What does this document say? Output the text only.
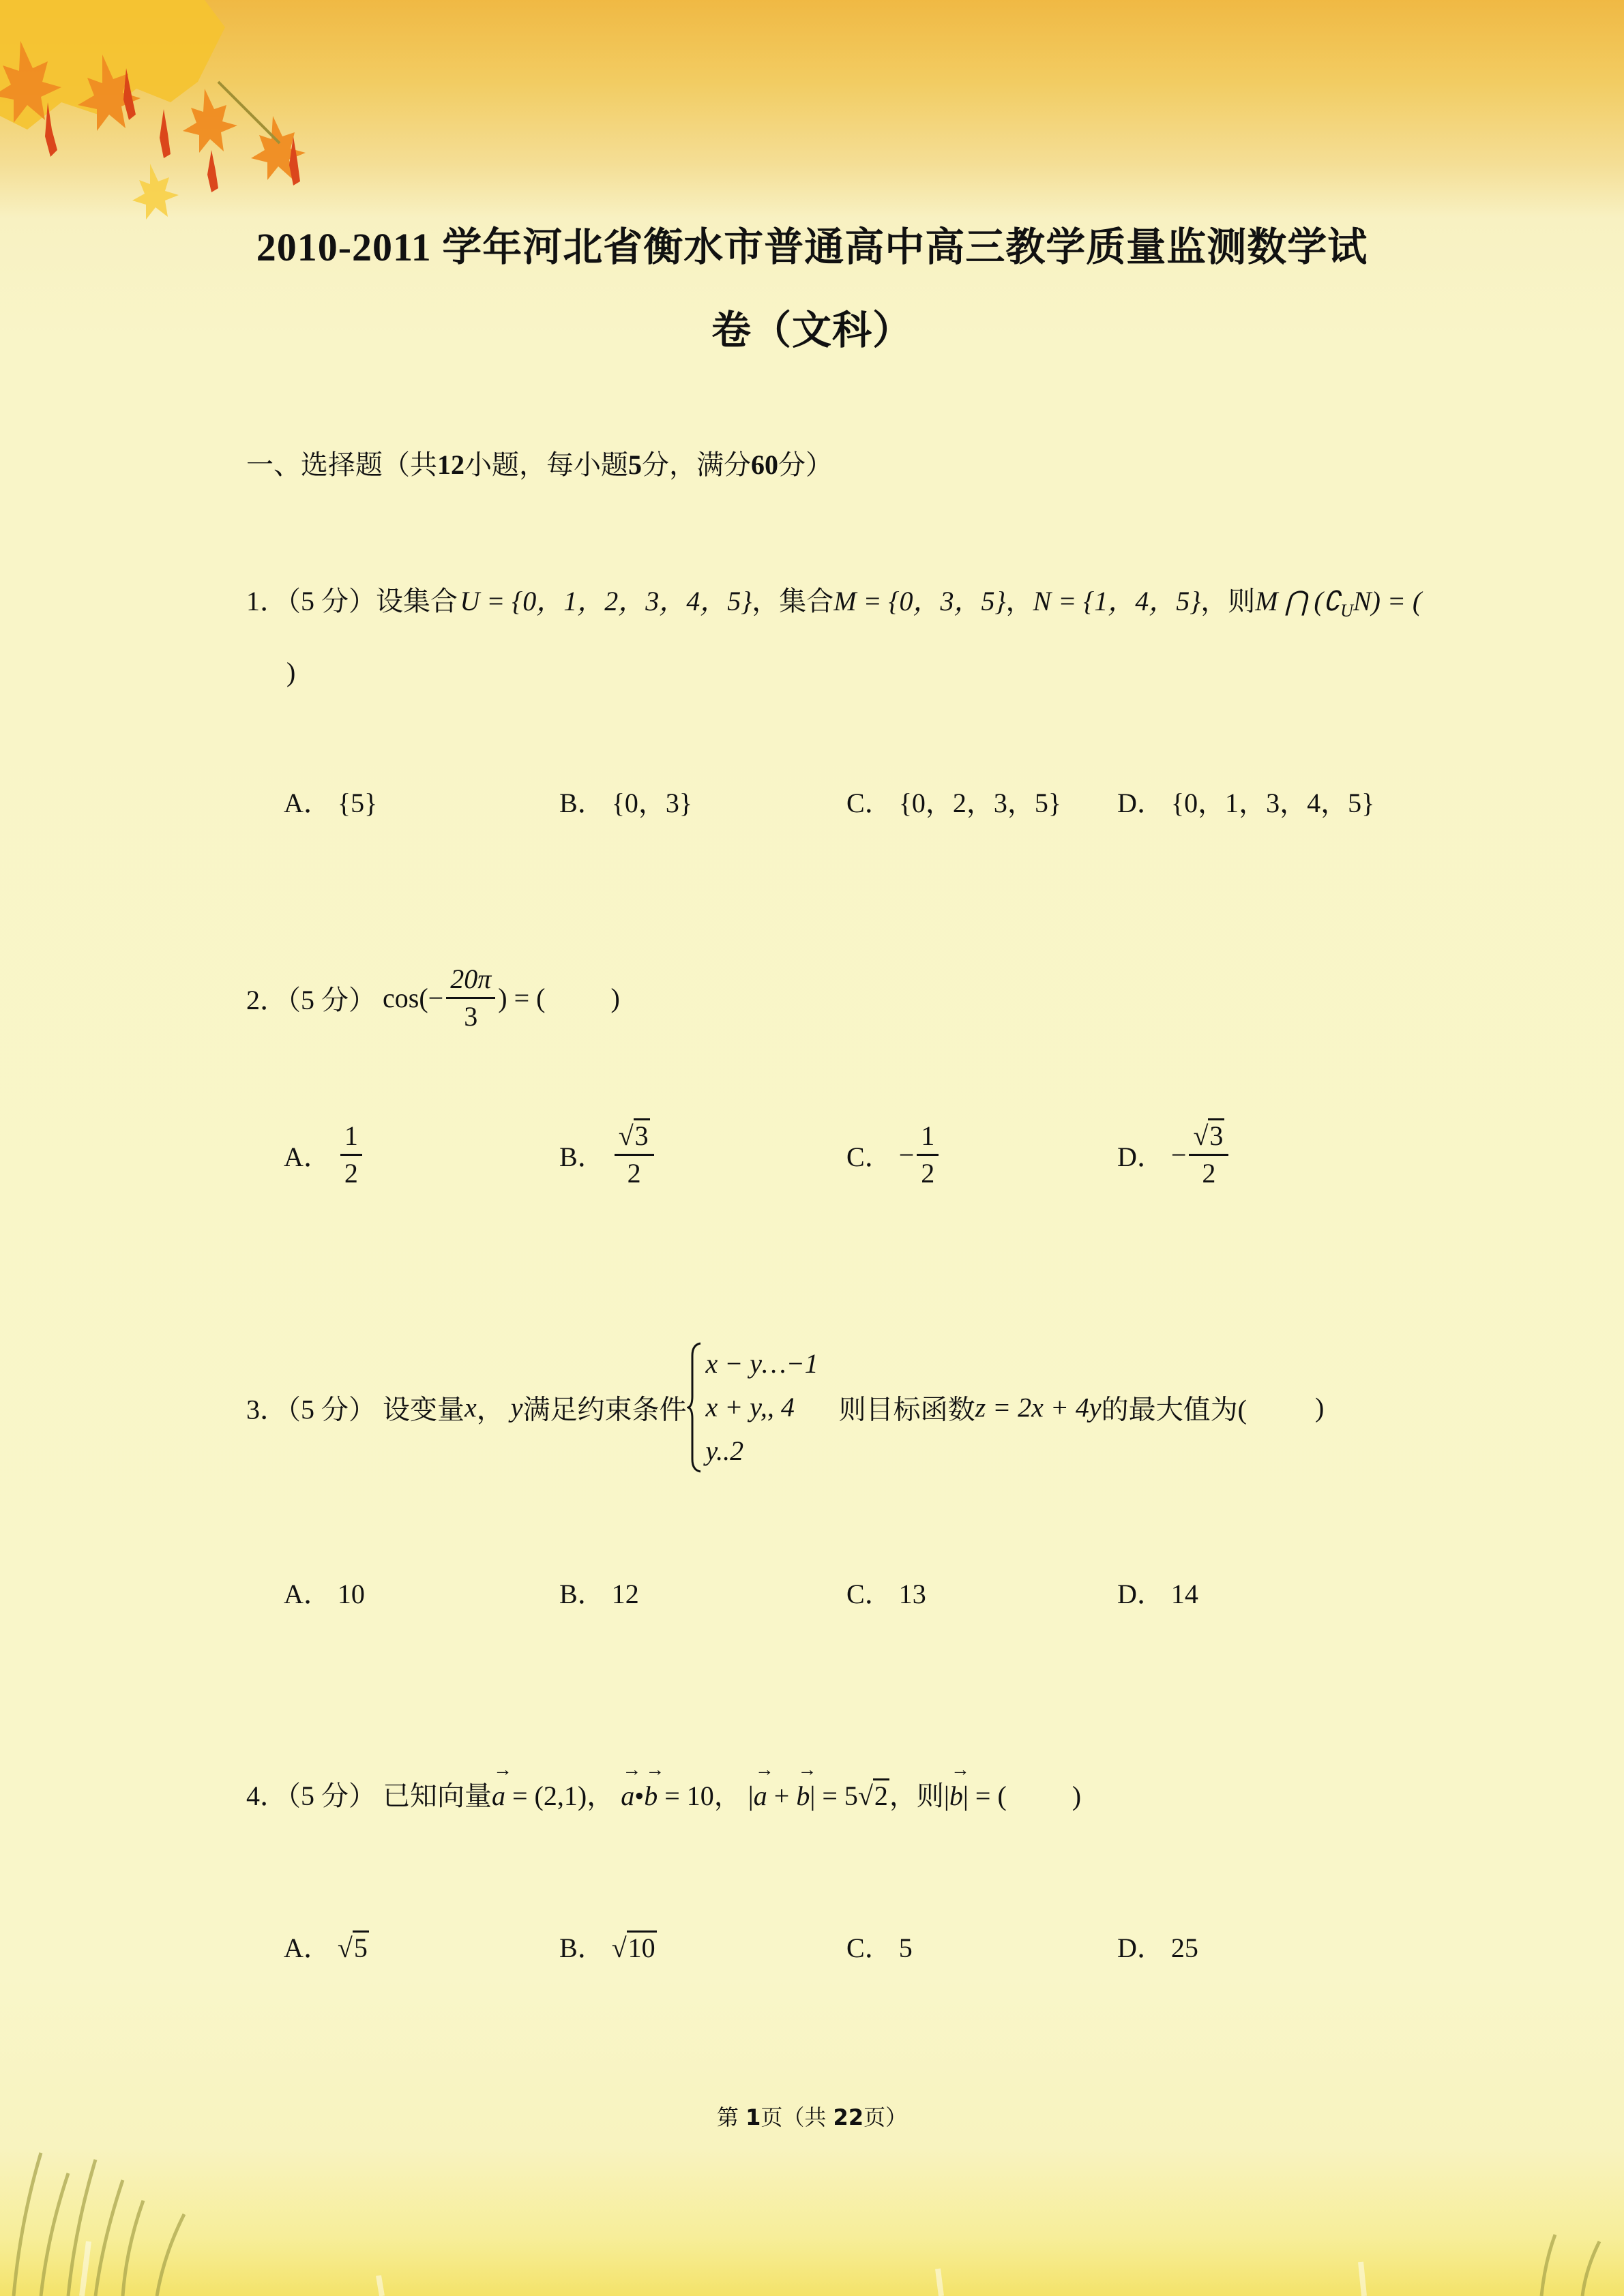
2010-2011 学年河北省衡水市普通高中高三教学质量监测数学试
卷（文科）
一、选择题（共12小题，每小题5分，满分60分）
1．（5 分）设集合 U = {0，1，2，3，4，5}，集合M = {0，3，5}，N = {1，4，5}，则M ⋂ $(∁_UN)$ = (
)
A． {5}	B． {0，3}	C． {0，2，3，5} D． {0，1，3，4，5}
2．（5 分） $\cos(- \frac{20\pi}{3}$ ) = ( )
A． $\frac{1}{2}$	B． $\frac{√3}{2}$	C． − $\frac{1}{2}$	D． − $\frac{√3}{2}$
3．（5 分） 设变量x， y满足约束条件
x − y…−1
x + y,, 4
y..2
则目标函数z = 2x + 4y的最大值为(	)
A． 10	B． 12	C． 13	D． 14
4．（5 分） 已知向量→ a = (2,1)， → a•→ b = 10， |→ a + → b| = 5√2，则|→ b| = ( )
A． √5	B． √10	C． 5	D． 25
第 1页（共 22页）
